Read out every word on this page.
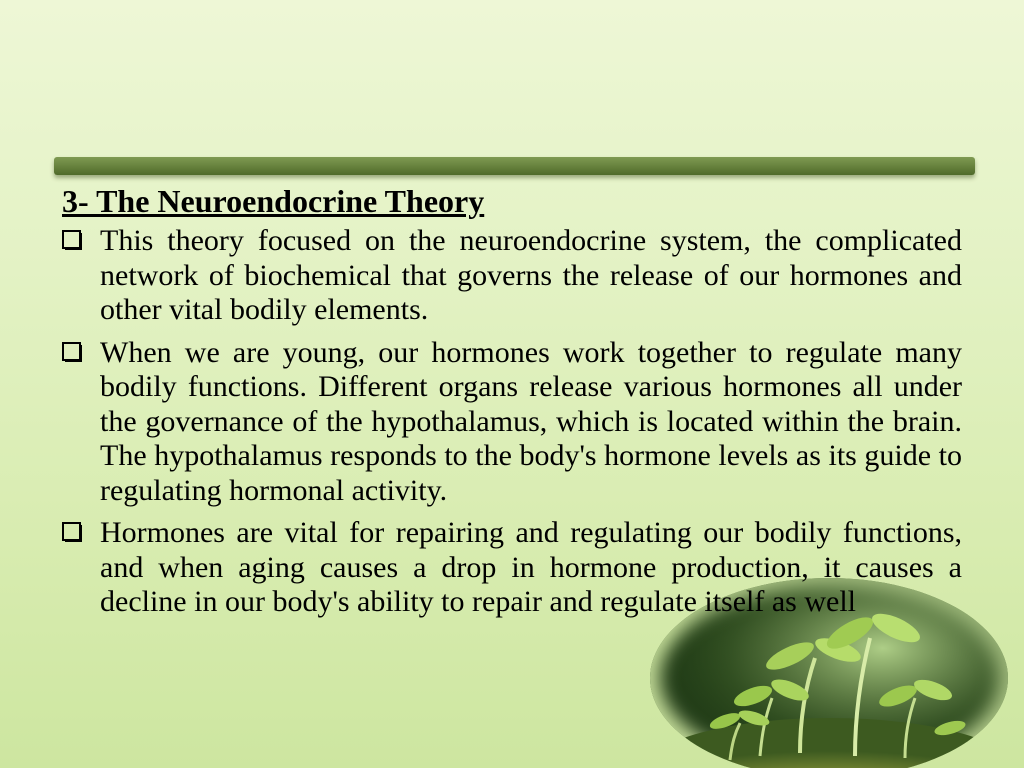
3- The Neuroendocrine Theory
This theory focused on the neuroendocrine system, the complicated network of biochemical that governs the release of our hormones and other vital bodily elements.
When we are young, our hormones work together to regulate many bodily functions. Different organs release various hormones all under the governance of the hypothalamus, which is located within the brain. The hypothalamus responds to the body's hormone levels as its guide to regulating hormonal activity.
Hormones are vital for repairing and regulating our bodily functions, and when aging causes a drop in hormone production, it causes a decline in our body's ability to repair and regulate itself as well
